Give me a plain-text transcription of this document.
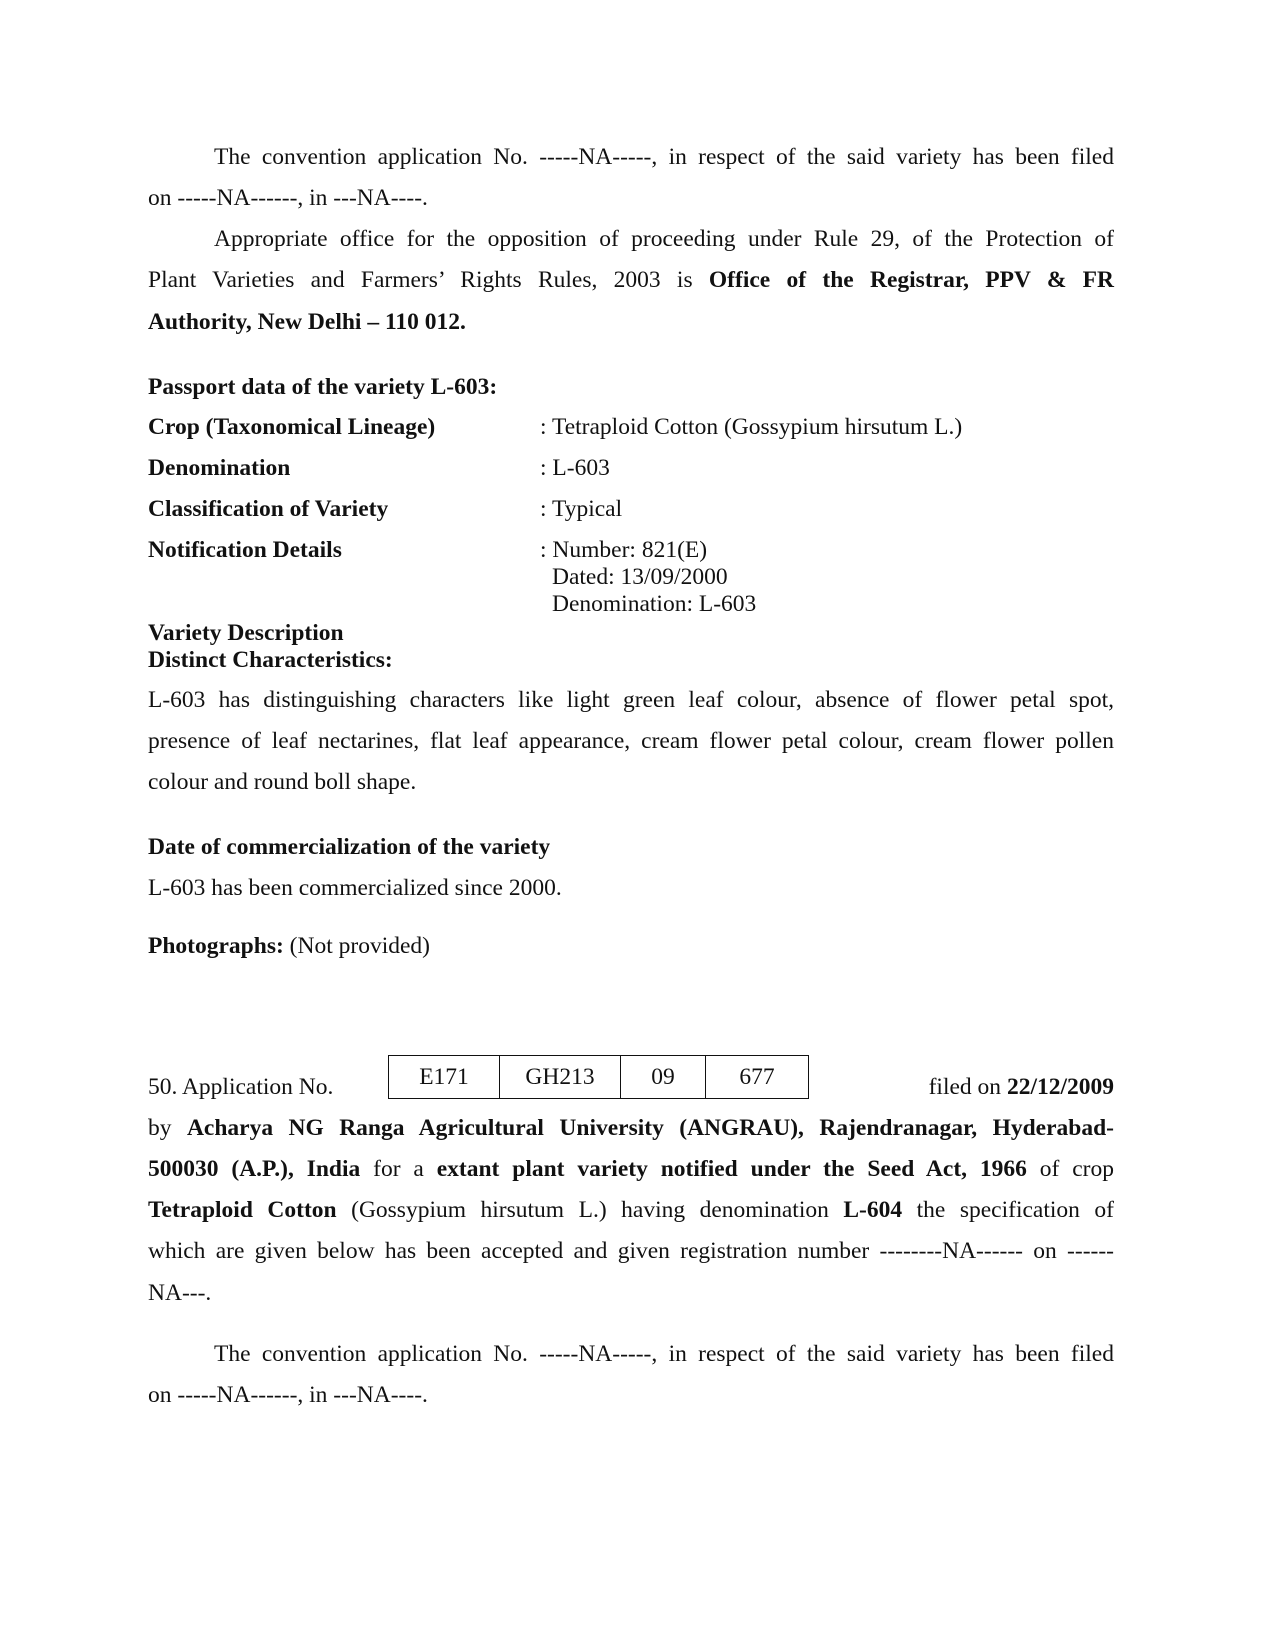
The convention application No. -----NA-----, in respect of the said variety has been filed
on -----NA------, in ---NA----.
Appropriate office for the opposition of proceeding under Rule 29, of the Protection of
Plant Varieties and Farmers’ Rights Rules, 2003 is Office of the Registrar, PPV & FR
Authority, New Delhi – 110 012.
Passport data of the variety L-603:
Crop (Taxonomical Lineage)	: Tetraploid Cotton (Gossypium hirsutum L.)
Denomination	: L-603
Classification of Variety	: Typical
Notification Details	: Number: 821(E)
Dated: 13/09/2000
Denomination: L-603
Variety Description
Distinct Characteristics:
L-603 has distinguishing characters like light green leaf colour, absence of flower petal spot,
presence of leaf nectarines, flat leaf appearance, cream flower petal colour, cream flower pollen
colour and round boll shape.
Date of commercialization of the variety
L-603 has been commercialized since 2000.
Photographs: (Not provided)
50. Application No.	E171	GH213	09	677	filed on 22/12/2009
by Acharya NG Ranga Agricultural University (ANGRAU), Rajendranagar, Hyderabad-
500030 (A.P.), India for a extant plant variety notified under the Seed Act, 1966 of crop
Tetraploid Cotton (Gossypium hirsutum L.) having denomination L-604 the specification of
which are given below has been accepted and given registration number --------NA------ on ------
NA---.
The convention application No. -----NA-----, in respect of the said variety has been filed
on -----NA------, in ---NA----.
